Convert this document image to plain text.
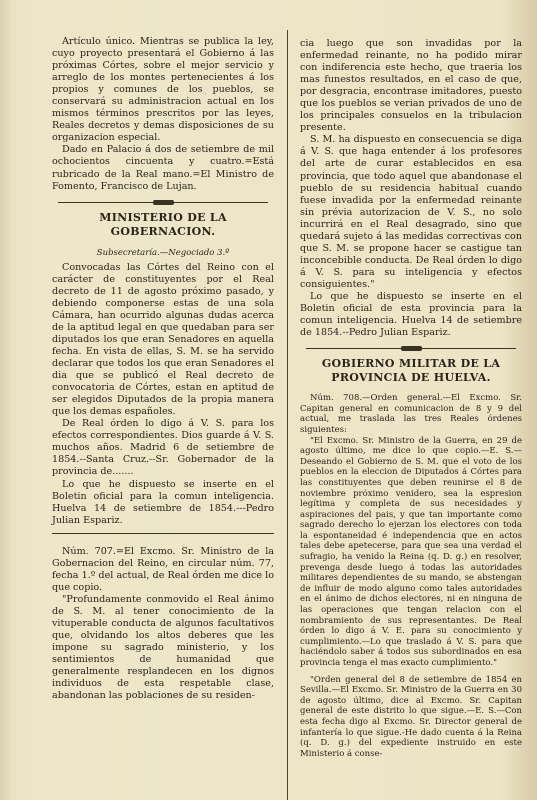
Artículo único. Mientras se publica la ley, cuyo proyecto presentará el Gobierno á las próximas Córtes, sobre el mejor servicio y arreglo de los montes pertenecientes á los propios y comunes de los pueblos, se conservará su administracion actual en los mismos términos prescritos por las leyes, Reales decretos y demas disposiciones de su organizacion especial.

Dado en Palacio á dos de setiembre de mil ochocientos cincuenta y cuatro.=Está rubricado de la Real mano.=El Ministro de Fomento, Francisco de Lujan.

MINISTERIO DE LA GOBERNACION.

Subsecretaría.—Negociado 3.º

Convocadas las Córtes del Reino con el carácter de constituyentes por el Real decreto de 11 de agosto próximo pasado, y debiendo componerse estas de una sola Cámara, han ocurrido algunas dudas acerca de la aptitud legal en que quedaban para ser diputados los que eran Senadores en aquella fecha. En vista de ellas, S. M. se ha servido declarar que todos los que eran Senadores el dia que se publicó el Real decreto de convocatoria de Córtes, estan en aptitud de ser elegidos Diputados de la propia manera que los demas españoles.

De Real órden lo digo á V. S. para los efectos correspondientes. Dios guarde á V. S. muchos años. Madrid 6 de setiembre de 1854.--Santa Cruz.--Sr. Gobernador de la provincia de.......

Lo que he dispuesto se inserte en el Boletin oficial para la comun inteligencia. Huelva 14 de setiembre de 1854.---Pedro Julian Espariz.

Núm. 707.=El Excmo. Sr. Ministro de la Gobernacion del Reino, en circular núm. 77, fecha 1.º del actual, de Real órden me dice lo que copio.

"Profundamente conmovido el Real ánimo de S. M. al tener conocimiento de la vituperable conducta de algunos facultativos que, olvidando los altos deberes que les impone su sagrado ministerio, y los sentimientos de humanidad que generalmente resplandecen en los dignos individuos de esta respetable clase, abandonan las poblaciones de su residen-

cia luego que son invadidas por la enfermedad reinante, no ha podido mirar con indiferencia este hecho, que traeria los mas funestos resultados, en el caso de que, por desgracia, encontrase imitadores, puesto que los pueblos se verian privados de uno de los principales consuelos en la tribulacion presente.

S. M. ha dispuesto en consecuencia se diga á V. S. que haga entender á los profesores del arte de curar establecidos en esa provincia, que todo aquel que abandonase el pueblo de su residencia habitual cuando fuese invadida por la enfermedad reinante sin prévia autorizacion de V. S., no solo incurrirá en el Real desagrado, sino que quedará sujeto á las medidas correctivas con que S. M. se propone hacer se castigue tan inconcebible conducta. De Real órden lo digo á V. S. para su inteligencia y efectos consiguientes."

Lo que he dispuesto se inserte en el Boletin oficial de esta provincia para la comun inteligencia. Huelva 14 de setiembre de 1854.--Pedro Julian Espariz.

GOBIERNO MILITAR DE LA PROVINCIA DE HUELVA.

Núm. 708.—Orden general.—El Excmo. Sr. Capitan general en comunicacion de 8 y 9 del actual, me traslada las tres Reales órdenes siguientes:

"El Excmo. Sr. Ministro de la Guerra, en 29 de agosto último, me dice lo que copio.—E. S.—Deseando el Gobierno de S. M. que el voto de los pueblos en la eleccion de Diputados á Córtes para las constituyentes que deben reunirse el 8 de noviembre próximo venidero, sea la espresion legítima y completa de sus necesidades y aspiraciones del pais, y que tan importante como sagrado derecho lo ejerzan los electores con toda la espontaneidad é independencia que en actos tales debe apetecerse, para que sea una verdad el sufragio, ha venido la Reina (q. D. g.) en resolver, prevenga desde luego á todas las autoridades militares dependientes de su mando, se abstengan de influir de modo alguno como tales autoridades en el ánimo de dichos electores, ni en ninguna de las operaciones que tengan relacion con el nombramiento de sus representantes. De Real órden lo digo á V. E. para su conocimiento y cumplimiento.—Lo que traslado á V. S. para que haciéndolo saber á todos sus subordinados en esa provincia tenga el mas exacto cumplimiento."

"Orden general del 8 de setiembre de 1854 en Sevilla.—El Excmo. Sr. Ministro de la Guerra en 30 de agosto último, dice al Excmo. Sr. Capitan general de este distrito lo que sigue.—E. S.—Con esta fecha digo al Excmo. Sr. Director general de infantería lo que sigue.-He dado cuenta á la Reina (q. D. g.) del expediente instruido en este Ministerio á conse-
